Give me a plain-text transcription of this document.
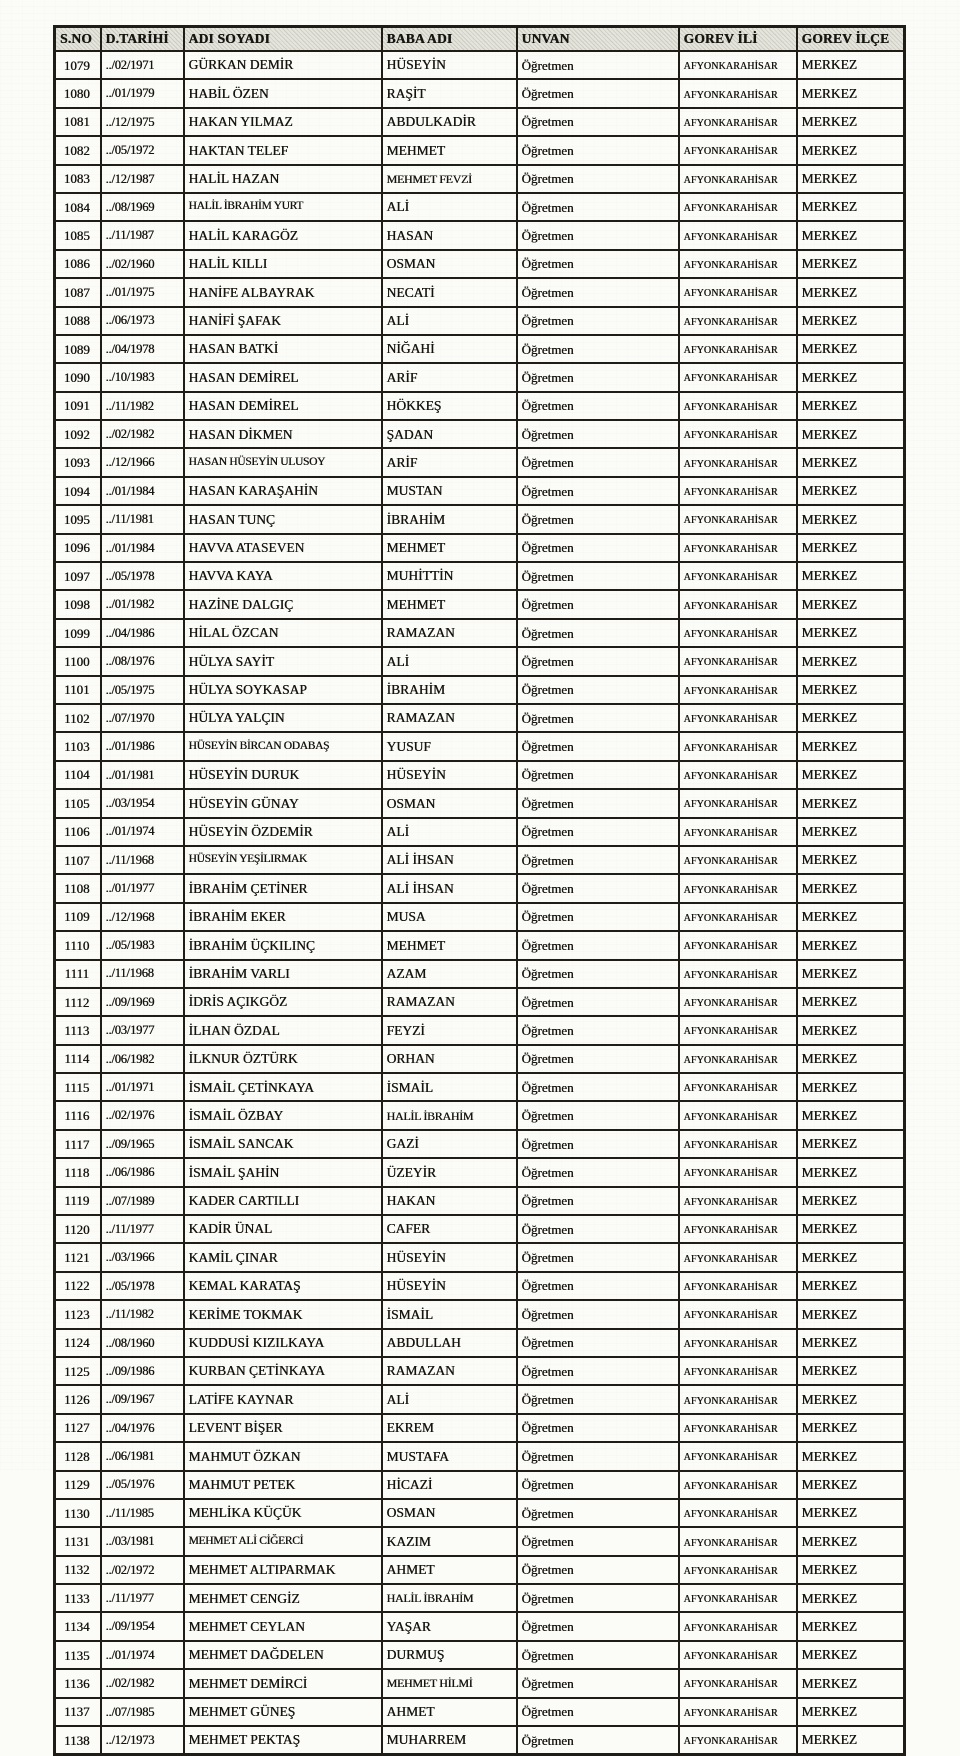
S.NO	D.TARİHİ	ADI SOYADI	BABA ADI	UNVAN	GOREV İLİ	GOREV İLÇE
1079	../02/1971	GÜRKAN DEMİR	HÜSEYİN	Öğretmen	AFYONKARAHİSAR	MERKEZ
1080	../01/1979	HABİL ÖZEN	RAŞİT	Öğretmen	AFYONKARAHİSAR	MERKEZ
1081	../12/1975	HAKAN YILMAZ	ABDULKADİR	Öğretmen	AFYONKARAHİSAR	MERKEZ
1082	../05/1972	HAKTAN TELEF	MEHMET	Öğretmen	AFYONKARAHİSAR	MERKEZ
1083	../12/1987	HALİL HAZAN	MEHMET FEVZİ	Öğretmen	AFYONKARAHİSAR	MERKEZ
1084	../08/1969	HALİL İBRAHİM YURT	ALİ	Öğretmen	AFYONKARAHİSAR	MERKEZ
1085	../11/1987	HALİL KARAGÖZ	HASAN	Öğretmen	AFYONKARAHİSAR	MERKEZ
1086	../02/1960	HALİL KILLI	OSMAN	Öğretmen	AFYONKARAHİSAR	MERKEZ
1087	../01/1975	HANİFE ALBAYRAK	NECATİ	Öğretmen	AFYONKARAHİSAR	MERKEZ
1088	../06/1973	HANİFİ ŞAFAK	ALİ	Öğretmen	AFYONKARAHİSAR	MERKEZ
1089	../04/1978	HASAN BATKİ	NİĞAHİ	Öğretmen	AFYONKARAHİSAR	MERKEZ
1090	../10/1983	HASAN DEMİREL	ARİF	Öğretmen	AFYONKARAHİSAR	MERKEZ
1091	../11/1982	HASAN DEMİREL	HÖKKEŞ	Öğretmen	AFYONKARAHİSAR	MERKEZ
1092	../02/1982	HASAN DİKMEN	ŞADAN	Öğretmen	AFYONKARAHİSAR	MERKEZ
1093	../12/1966	HASAN HÜSEYİN ULUSOY	ARİF	Öğretmen	AFYONKARAHİSAR	MERKEZ
1094	../01/1984	HASAN KARAŞAHİN	MUSTAN	Öğretmen	AFYONKARAHİSAR	MERKEZ
1095	../11/1981	HASAN TUNÇ	İBRAHİM	Öğretmen	AFYONKARAHİSAR	MERKEZ
1096	../01/1984	HAVVA ATASEVEN	MEHMET	Öğretmen	AFYONKARAHİSAR	MERKEZ
1097	../05/1978	HAVVA KAYA	MUHİTTİN	Öğretmen	AFYONKARAHİSAR	MERKEZ
1098	../01/1982	HAZİNE DALGIÇ	MEHMET	Öğretmen	AFYONKARAHİSAR	MERKEZ
1099	../04/1986	HİLAL ÖZCAN	RAMAZAN	Öğretmen	AFYONKARAHİSAR	MERKEZ
1100	../08/1976	HÜLYA SAYİT	ALİ	Öğretmen	AFYONKARAHİSAR	MERKEZ
1101	../05/1975	HÜLYA SOYKASAP	İBRAHİM	Öğretmen	AFYONKARAHİSAR	MERKEZ
1102	../07/1970	HÜLYA YALÇIN	RAMAZAN	Öğretmen	AFYONKARAHİSAR	MERKEZ
1103	../01/1986	HÜSEYİN BİRCAN ODABAŞ	YUSUF	Öğretmen	AFYONKARAHİSAR	MERKEZ
1104	../01/1981	HÜSEYİN DURUK	HÜSEYİN	Öğretmen	AFYONKARAHİSAR	MERKEZ
1105	../03/1954	HÜSEYİN GÜNAY	OSMAN	Öğretmen	AFYONKARAHİSAR	MERKEZ
1106	../01/1974	HÜSEYİN ÖZDEMİR	ALİ	Öğretmen	AFYONKARAHİSAR	MERKEZ
1107	../11/1968	HÜSEYİN YEŞİLIRMAK	ALİ İHSAN	Öğretmen	AFYONKARAHİSAR	MERKEZ
1108	../01/1977	İBRAHİM ÇETİNER	ALİ İHSAN	Öğretmen	AFYONKARAHİSAR	MERKEZ
1109	../12/1968	İBRAHİM EKER	MUSA	Öğretmen	AFYONKARAHİSAR	MERKEZ
1110	../05/1983	İBRAHİM ÜÇKILINÇ	MEHMET	Öğretmen	AFYONKARAHİSAR	MERKEZ
1111	../11/1968	İBRAHİM VARLI	AZAM	Öğretmen	AFYONKARAHİSAR	MERKEZ
1112	../09/1969	İDRİS AÇIKGÖZ	RAMAZAN	Öğretmen	AFYONKARAHİSAR	MERKEZ
1113	../03/1977	İLHAN ÖZDAL	FEYZİ	Öğretmen	AFYONKARAHİSAR	MERKEZ
1114	../06/1982	İLKNUR ÖZTÜRK	ORHAN	Öğretmen	AFYONKARAHİSAR	MERKEZ
1115	../01/1971	İSMAİL ÇETİNKAYA	İSMAİL	Öğretmen	AFYONKARAHİSAR	MERKEZ
1116	../02/1976	İSMAİL ÖZBAY	HALİL İBRAHİM	Öğretmen	AFYONKARAHİSAR	MERKEZ
1117	../09/1965	İSMAİL SANCAK	GAZİ	Öğretmen	AFYONKARAHİSAR	MERKEZ
1118	../06/1986	İSMAİL ŞAHİN	ÜZEYİR	Öğretmen	AFYONKARAHİSAR	MERKEZ
1119	../07/1989	KADER CARTILLI	HAKAN	Öğretmen	AFYONKARAHİSAR	MERKEZ
1120	../11/1977	KADİR ÜNAL	CAFER	Öğretmen	AFYONKARAHİSAR	MERKEZ
1121	../03/1966	KAMİL ÇINAR	HÜSEYİN	Öğretmen	AFYONKARAHİSAR	MERKEZ
1122	../05/1978	KEMAL KARATAŞ	HÜSEYİN	Öğretmen	AFYONKARAHİSAR	MERKEZ
1123	../11/1982	KERİME TOKMAK	İSMAİL	Öğretmen	AFYONKARAHİSAR	MERKEZ
1124	../08/1960	KUDDUSİ KIZILKAYA	ABDULLAH	Öğretmen	AFYONKARAHİSAR	MERKEZ
1125	../09/1986	KURBAN ÇETİNKAYA	RAMAZAN	Öğretmen	AFYONKARAHİSAR	MERKEZ
1126	../09/1967	LATİFE KAYNAR	ALİ	Öğretmen	AFYONKARAHİSAR	MERKEZ
1127	../04/1976	LEVENT BİŞER	EKREM	Öğretmen	AFYONKARAHİSAR	MERKEZ
1128	../06/1981	MAHMUT ÖZKAN	MUSTAFA	Öğretmen	AFYONKARAHİSAR	MERKEZ
1129	../05/1976	MAHMUT PETEK	HİCAZİ	Öğretmen	AFYONKARAHİSAR	MERKEZ
1130	../11/1985	MEHLİKA KÜÇÜK	OSMAN	Öğretmen	AFYONKARAHİSAR	MERKEZ
1131	../03/1981	MEHMET ALİ CİĞERCİ	KAZIM	Öğretmen	AFYONKARAHİSAR	MERKEZ
1132	../02/1972	MEHMET ALTIPARMAK	AHMET	Öğretmen	AFYONKARAHİSAR	MERKEZ
1133	../11/1977	MEHMET CENGİZ	HALİL İBRAHİM	Öğretmen	AFYONKARAHİSAR	MERKEZ
1134	../09/1954	MEHMET CEYLAN	YAŞAR	Öğretmen	AFYONKARAHİSAR	MERKEZ
1135	../01/1974	MEHMET DAĞDELEN	DURMUŞ	Öğretmen	AFYONKARAHİSAR	MERKEZ
1136	../02/1982	MEHMET DEMİRCİ	MEHMET HİLMİ	Öğretmen	AFYONKARAHİSAR	MERKEZ
1137	../07/1985	MEHMET GÜNEŞ	AHMET	Öğretmen	AFYONKARAHİSAR	MERKEZ
1138	../12/1973	MEHMET PEKTAŞ	MUHARREM	Öğretmen	AFYONKARAHİSAR	MERKEZ
